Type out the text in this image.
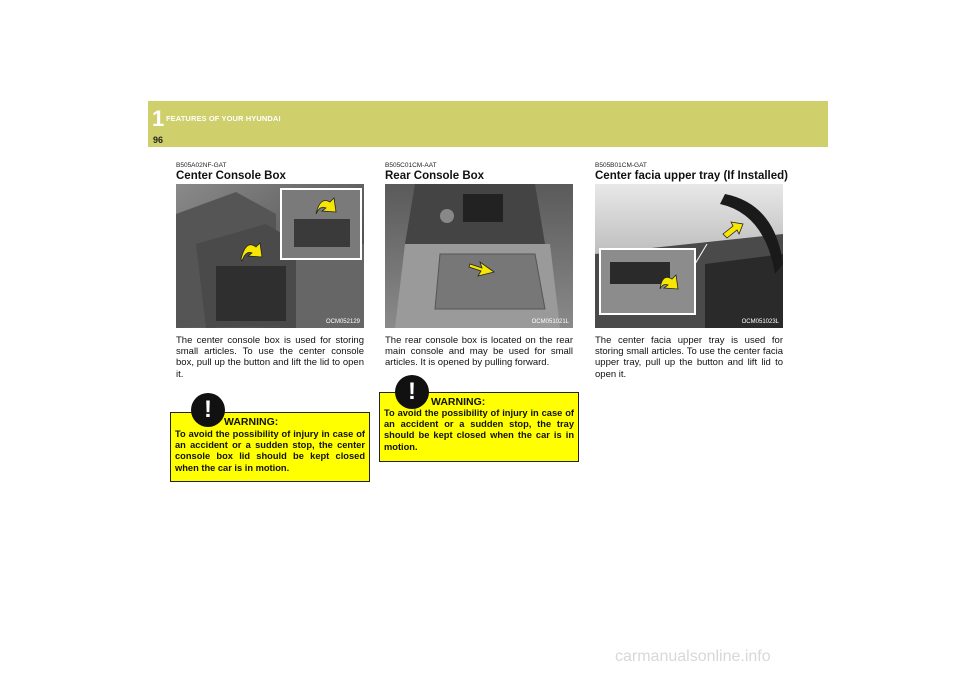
1 FEATURES OF YOUR HYUNDAI
96
B505A02NF-GAT
Center Console Box
OCM052129

The center console box is used for storing small articles. To use the center console box, pull up the button and lift the lid to open it.

!	WARNING:
To avoid the possibility of injury in case of an accident or a sudden stop, the center console box lid should be kept closed when the car is in motion.
B505C01CM-AAT
Rear Console Box
OCM051021L

The rear console box is located on the rear main console and may be used for small articles. It is opened by pulling forward.

!	WARNING:
To avoid the possibility of injury in case of an accident or a sudden stop, the tray should be kept closed when the car is in motion.
B505B01CM-GAT
Center facia upper tray (If Installed)
OCM051023L

The center facia upper tray is used for storing small articles. To use the center facia upper tray, pull up the button and lift lid to open it.

carmanualsonline.info
